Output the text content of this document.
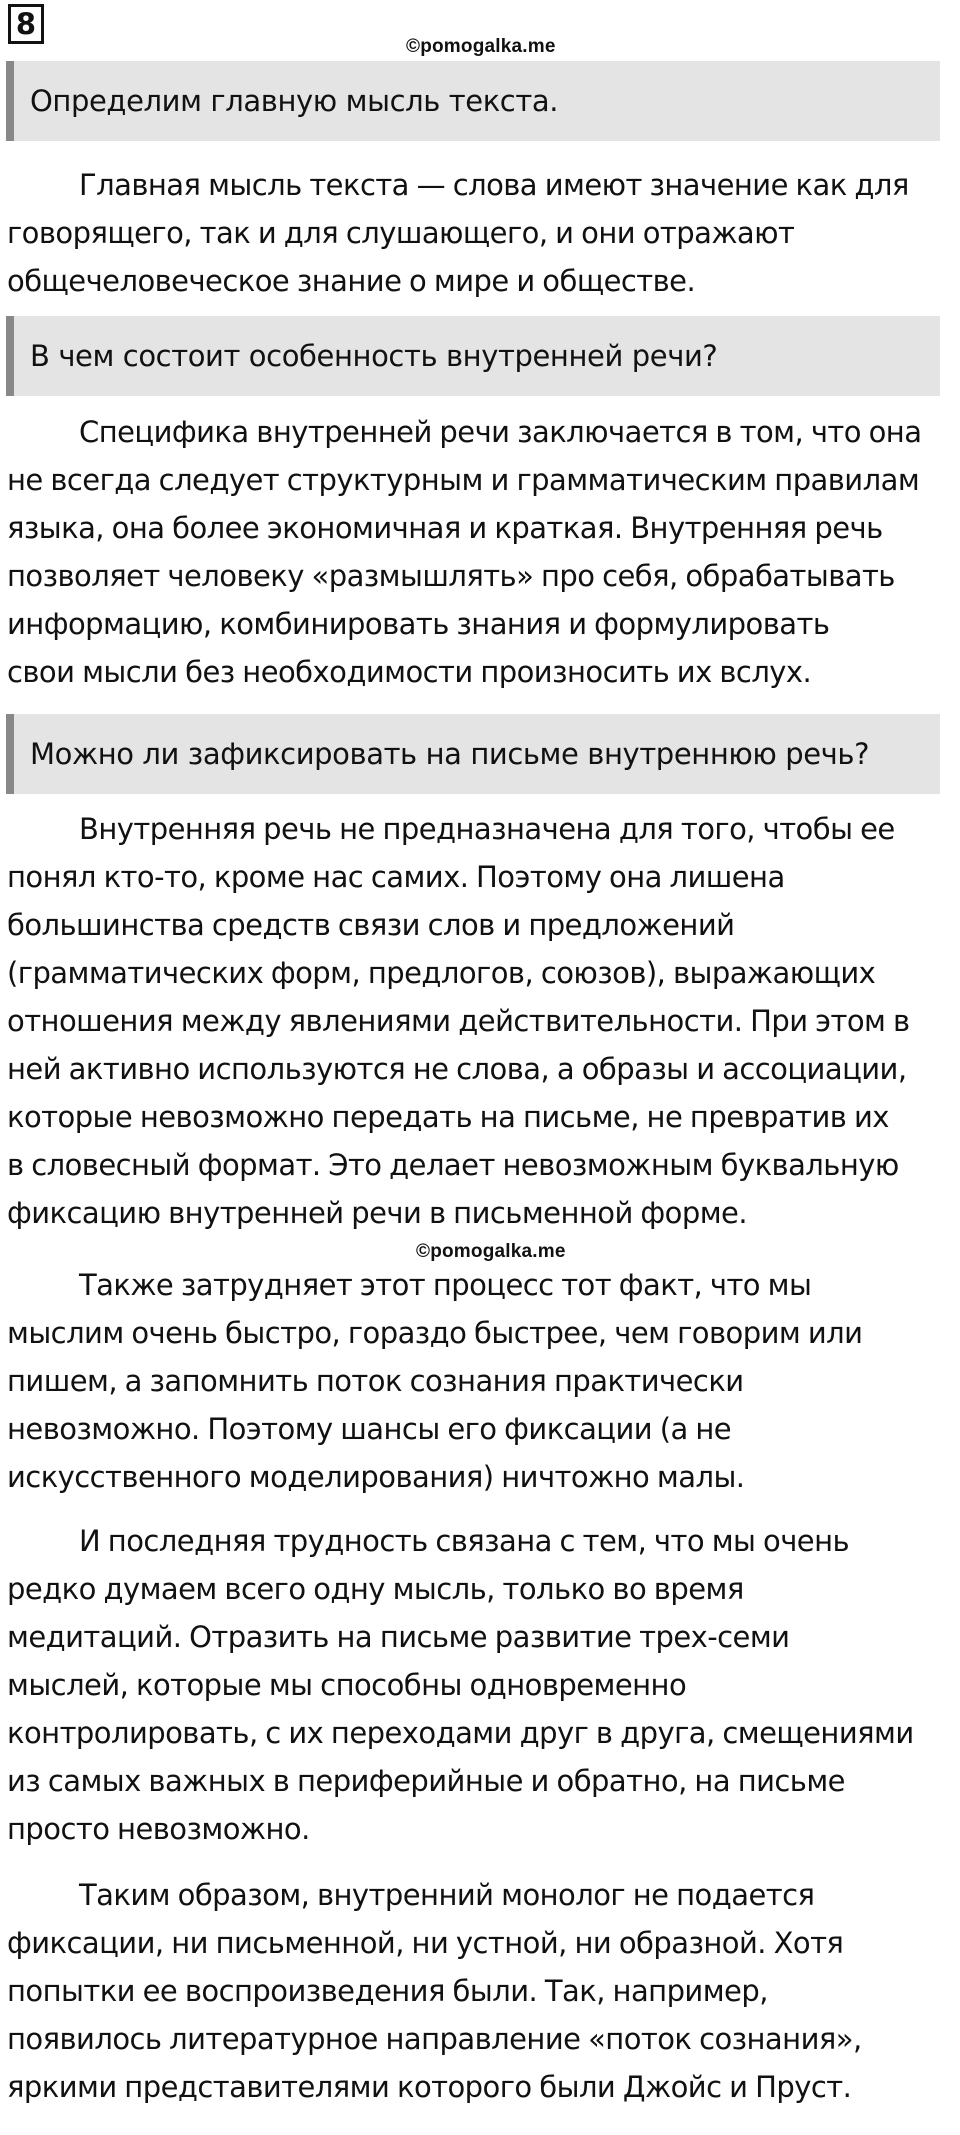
8
©pomogalka.me
Определим главную мысль текста.
Главная мысль текста — слова имеют значение как для
говорящего, так и для слушающего, и они отражают
общечеловеческое знание о мире и обществе.
В чем состоит особенность внутренней речи?
Специфика внутренней речи заключается в том, что она
не всегда следует структурным и грамматическим правилам
языка, она более экономичная и краткая. Внутренняя речь
позволяет человеку «размышлять» про себя, обрабатывать
информацию, комбинировать знания и формулировать
свои мысли без необходимости произносить их вслух.
Можно ли зафиксировать на письме внутреннюю речь?
Внутренняя речь не предназначена для того, чтобы ее
понял кто-то, кроме нас самих. Поэтому она лишена
большинства средств связи слов и предложений
(грамматических форм, предлогов, союзов), выражающих
отношения между явлениями действительности. При этом в
ней активно используются не слова, а образы и ассоциации,
которые невозможно передать на письме, не превратив их
в словесный формат. Это делает невозможным буквальную
фиксацию внутренней речи в письменной форме.
©pomogalka.me
Также затрудняет этот процесс тот факт, что мы
мыслим очень быстро, гораздо быстрее, чем говорим или
пишем, а запомнить поток сознания практически
невозможно. Поэтому шансы его фиксации (а не
искусственного моделирования) ничтожно малы.
И последняя трудность связана с тем, что мы очень
редко думаем всего одну мысль, только во время
медитаций. Отразить на письме развитие трех-семи
мыслей, которые мы способны одновременно
контролировать, с их переходами друг в друга, смещениями
из самых важных в периферийные и обратно, на письме
просто невозможно.
Таким образом, внутренний монолог не подается
фиксации, ни письменной, ни устной, ни образной. Хотя
попытки ее воспроизведения были. Так, например,
появилось литературное направление «поток сознания»,
яркими представителями которого были Джойс и Пруст.
